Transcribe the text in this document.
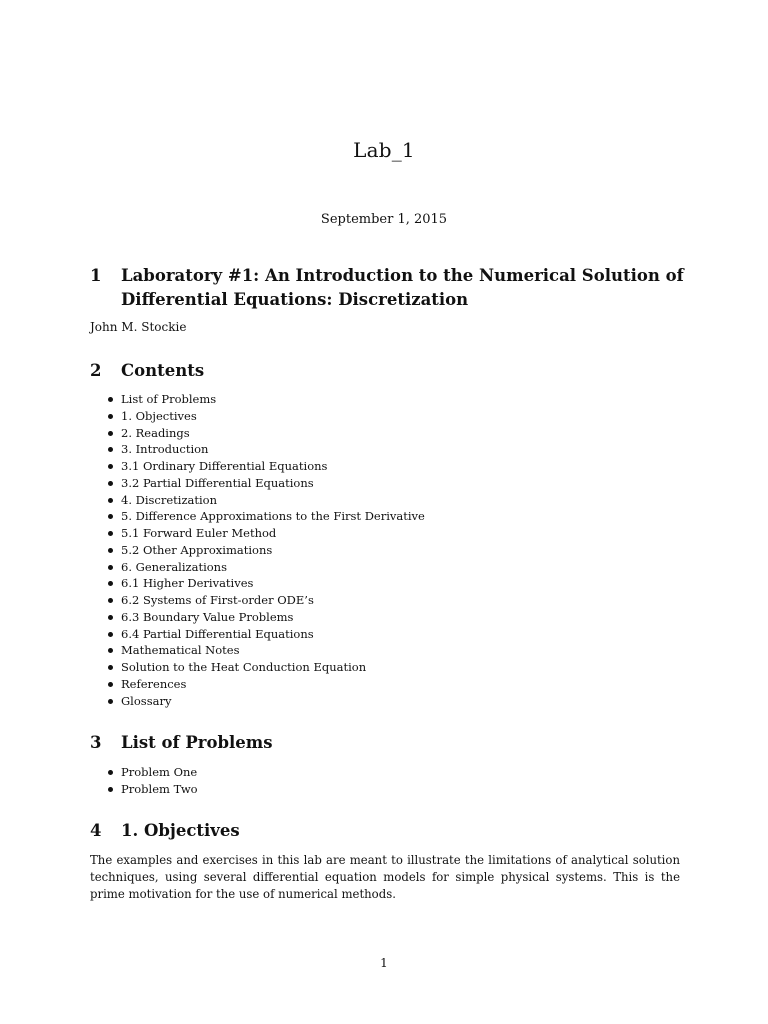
Lab_1
September 1, 2015
1	Laboratory #1: An Introduction to the Numerical Solution of Differential Equations: Discretization
John M. Stockie
2	Contents
List of Problems
1. Objectives
2. Readings
3. Introduction
3.1 Ordinary Differential Equations
3.2 Partial Differential Equations
4. Discretization
5. Difference Approximations to the First Derivative
5.1 Forward Euler Method
5.2 Other Approximations
6. Generalizations
6.1 Higher Derivatives
6.2 Systems of First-order ODE’s
6.3 Boundary Value Problems
6.4 Partial Differential Equations
Mathematical Notes
Solution to the Heat Conduction Equation
References
Glossary
3	List of Problems
Problem One
Problem Two
4	1. Objectives
The examples and exercises in this lab are meant to illustrate the limitations of analytical solution techniques, using several differential equation models for simple physical systems. This is the prime motivation for the use of numerical methods.
1
